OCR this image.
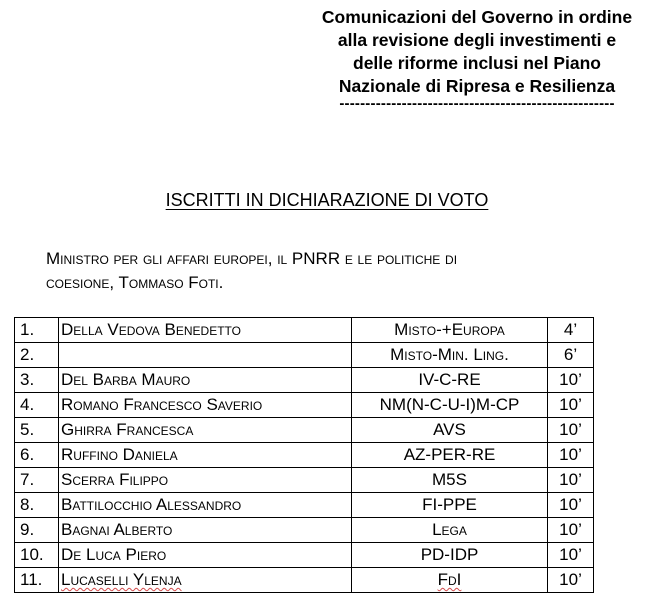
Comunicazioni del Governo in ordine
alla revisione degli investimenti e
delle riforme inclusi nel Piano
Nazionale di Ripresa e Resilienza
-----------------------------------------------------
ISCRITTI IN DICHIARAZIONE DI VOTO
Ministro per gli affari europei, il PNRR e le politiche di
coesione, Tommaso Foti.
1.	Della Vedova Benedetto	Misto-+Europa	4’
2.		Misto-Min. Ling.	6’
3.	Del Barba Mauro	IV-C-RE	10’
4.	Romano Francesco Saverio	NM(N-C-U-I)M-CP	10’
5.	Ghirra Francesca	AVS	10’
6.	Ruffino Daniela	AZ-PER-RE	10’
7.	Scerra Filippo	M5S	10’
8.	Battilocchio Alessandro	FI-PPE	10’
9.	Bagnai Alberto	Lega	10’
10.	De Luca Piero	PD-IDP	10’
11.	Lucaselli Ylenja	FdI	10’
